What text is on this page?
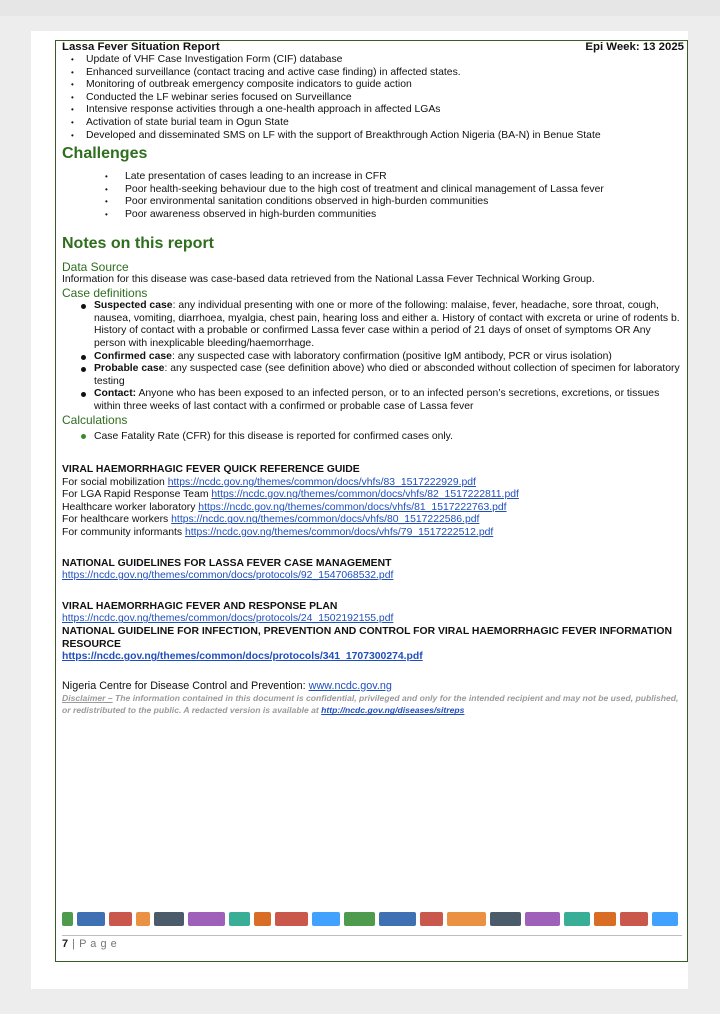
Lassa Fever Situation Report	Epi Week: 13 2025
• Update of VHF Case Investigation Form (CIF) database
• Enhanced surveillance (contact tracing and active case finding) in affected states.
• Monitoring of outbreak emergency composite indicators to guide action
• Conducted the LF webinar series focused on Surveillance
• Intensive response activities through a one-health approach in affected LGAs
• Activation of state burial team in Ogun State
• Developed and disseminated SMS on LF with the support of Breakthrough Action Nigeria (BA-N) in Benue State
Challenges
• Late presentation of cases leading to an increase in CFR
• Poor health-seeking behaviour due to the high cost of treatment and clinical management of Lassa fever
• Poor environmental sanitation conditions observed in high-burden communities
• Poor awareness observed in high-burden communities
Notes on this report
Data Source
Information for this disease was case-based data retrieved from the National Lassa Fever Technical Working Group.
Case definitions
Suspected case: any individual presenting with one or more of the following: malaise, fever, headache, sore throat, cough, nausea, vomiting, diarrhoea, myalgia, chest pain, hearing loss and either a. History of contact with excreta or urine of rodents b. History of contact with a probable or confirmed Lassa fever case within a period of 21 days of onset of symptoms OR Any person with inexplicable bleeding/haemorrhage.
Confirmed case: any suspected case with laboratory confirmation (positive IgM antibody, PCR or virus isolation)
Probable case: any suspected case (see definition above) who died or absconded without collection of specimen for laboratory testing
Contact: Anyone who has been exposed to an infected person, or to an infected person’s secretions, excretions, or tissues within three weeks of last contact with a confirmed or probable case of Lassa fever
Calculations
Case Fatality Rate (CFR) for this disease is reported for confirmed cases only.
VIRAL HAEMORRHAGIC FEVER QUICK REFERENCE GUIDE
For social mobilization https://ncdc.gov.ng/themes/common/docs/vhfs/83_1517222929.pdf
For LGA Rapid Response Team https://ncdc.gov.ng/themes/common/docs/vhfs/82_1517222811.pdf
Healthcare worker laboratory https://ncdc.gov.ng/themes/common/docs/vhfs/81_1517222763.pdf
For healthcare workers https://ncdc.gov.ng/themes/common/docs/vhfs/80_1517222586.pdf
For community informants https://ncdc.gov.ng/themes/common/docs/vhfs/79_1517222512.pdf
NATIONAL GUIDELINES FOR LASSA FEVER CASE MANAGEMENT
https://ncdc.gov.ng/themes/common/docs/protocols/92_1547068532.pdf
VIRAL HAEMORRHAGIC FEVER AND RESPONSE PLAN
https://ncdc.gov.ng/themes/common/docs/protocols/24_1502192155.pdf
NATIONAL GUIDELINE FOR INFECTION, PREVENTION AND CONTROL FOR VIRAL HAEMORRHAGIC FEVER INFORMATION RESOURCE
https://ncdc.gov.ng/themes/common/docs/protocols/341_1707300274.pdf
Nigeria Centre for Disease Control and Prevention: www.ncdc.gov.ng
Disclaimer – The information contained in this document is confidential, privileged and only for the intended recipient and may not be used, published, or redistributed to the public. A redacted version is available at http://ncdc.gov.ng/diseases/sitreps
7 | P a g e
